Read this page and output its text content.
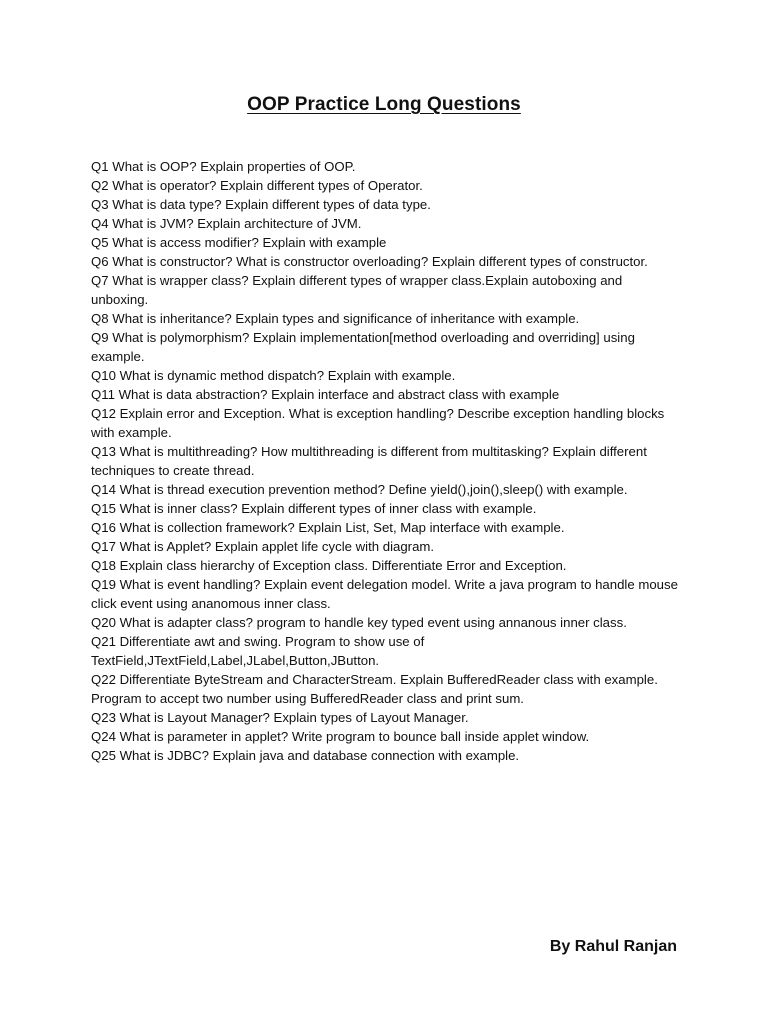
OOP Practice Long Questions
Q1 What is OOP? Explain properties of OOP.
Q2 What is operator? Explain different types of Operator.
Q3 What is data type? Explain different types of data type.
Q4 What is JVM? Explain architecture of JVM.
Q5 What is access modifier? Explain with example
Q6 What is constructor? What is constructor overloading? Explain different types of constructor.
Q7 What is wrapper class? Explain different types of wrapper class.Explain autoboxing and unboxing.
Q8 What is inheritance? Explain types and significance of inheritance with example.
Q9 What is polymorphism? Explain implementation[method overloading and overriding] using example.
Q10 What is dynamic method dispatch? Explain with example.
Q11 What is data abstraction? Explain interface and abstract class with example
Q12 Explain error and Exception. What is exception handling? Describe exception handling blocks with example.
Q13 What is multithreading? How multithreading is different from multitasking? Explain different techniques to create thread.
Q14 What is thread execution prevention method? Define yield(),join(),sleep() with example.
Q15 What is inner class? Explain different types of inner class with example.
Q16 What is collection framework? Explain List, Set, Map interface with example.
Q17 What is Applet? Explain applet life cycle with diagram.
Q18 Explain class hierarchy of Exception class. Differentiate Error and Exception.
Q19 What is event handling? Explain event delegation model. Write a java program to handle mouse click event using ananomous inner class.
Q20 What is adapter class? program to handle key typed event using annanous inner class.
Q21 Differentiate awt and swing. Program to show use of TextField,JTextField,Label,JLabel,Button,JButton.
Q22 Differentiate ByteStream and CharacterStream. Explain BufferedReader class with example. Program to accept two number using BufferedReader class and print sum.
Q23 What is Layout Manager? Explain types of Layout Manager.
Q24 What is parameter in applet? Write program to bounce ball inside applet window.
Q25 What is JDBC? Explain java and database connection with example.
By Rahul Ranjan
